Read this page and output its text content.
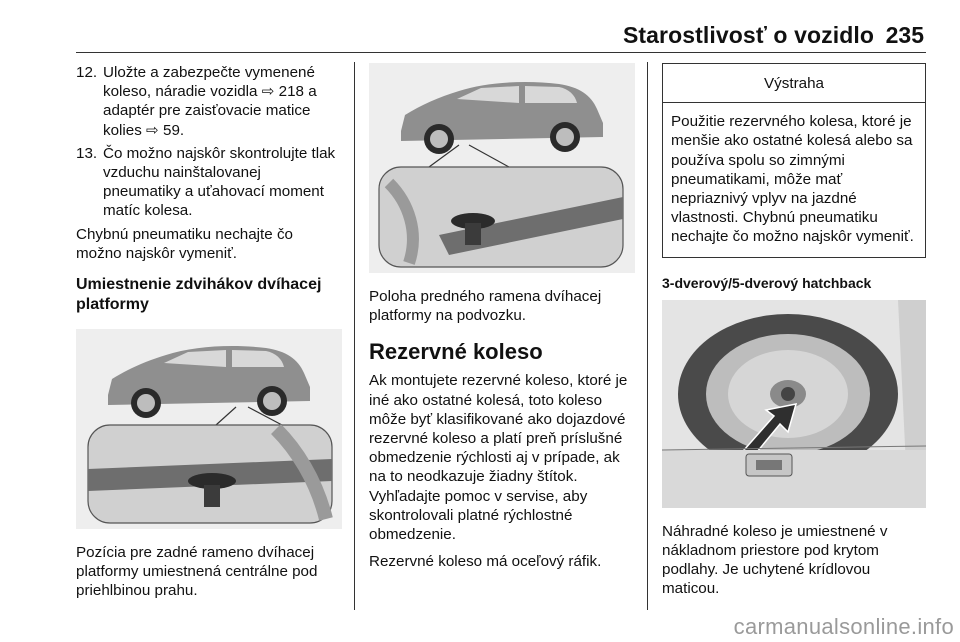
Starostlivosť o vozidlo 235
12. Uložte a zabezpečte vymenené koleso, náradie vozidla ⇨ 218 a adaptér pre zaisťovacie matice kolies ⇨ 59.
13. Čo možno najskôr skontrolujte tlak vzduchu nainštalovanej pneumatiky a uťahovací moment matíc kolesa.

Chybnú pneumatiku nechajte čo možno najskôr vymeniť.

Umiestnenie zdvihákov dvíhacej platformy

Pozícia pre zadné rameno dvíhacej platformy umiestnená centrálne pod priehlbinou prahu.

Poloha predného ramena dvíhacej platformy na podvozku.

Rezervné koleso

Ak montujete rezervné koleso, ktoré je iné ako ostatné kolesá, toto koleso môže byť klasifikované ako dojazdové rezervné koleso a platí preň príslušné obmedzenie rýchlosti aj v prípade, ak na to neodkazuje žiadny štítok. Vyhľadajte pomoc v servise, aby skontrolovali platné rýchlostné obmedzenie.

Rezervné koleso má oceľový ráfik.

Výstraha
Použitie rezervného kolesa, ktoré je menšie ako ostatné kolesá alebo sa používa spolu so zimnými pneumatikami, môže mať nepriaznivý vplyv na jazdné vlastnosti. Chybnú pneumatiku nechajte čo možno najskôr vymeniť.
3-dverový/5-dverový hatchback

Náhradné koleso je umiestnené v nákladnom priestore pod krytom podlahy. Je uchytené krídlovou maticou.

carmanualsonline.info
